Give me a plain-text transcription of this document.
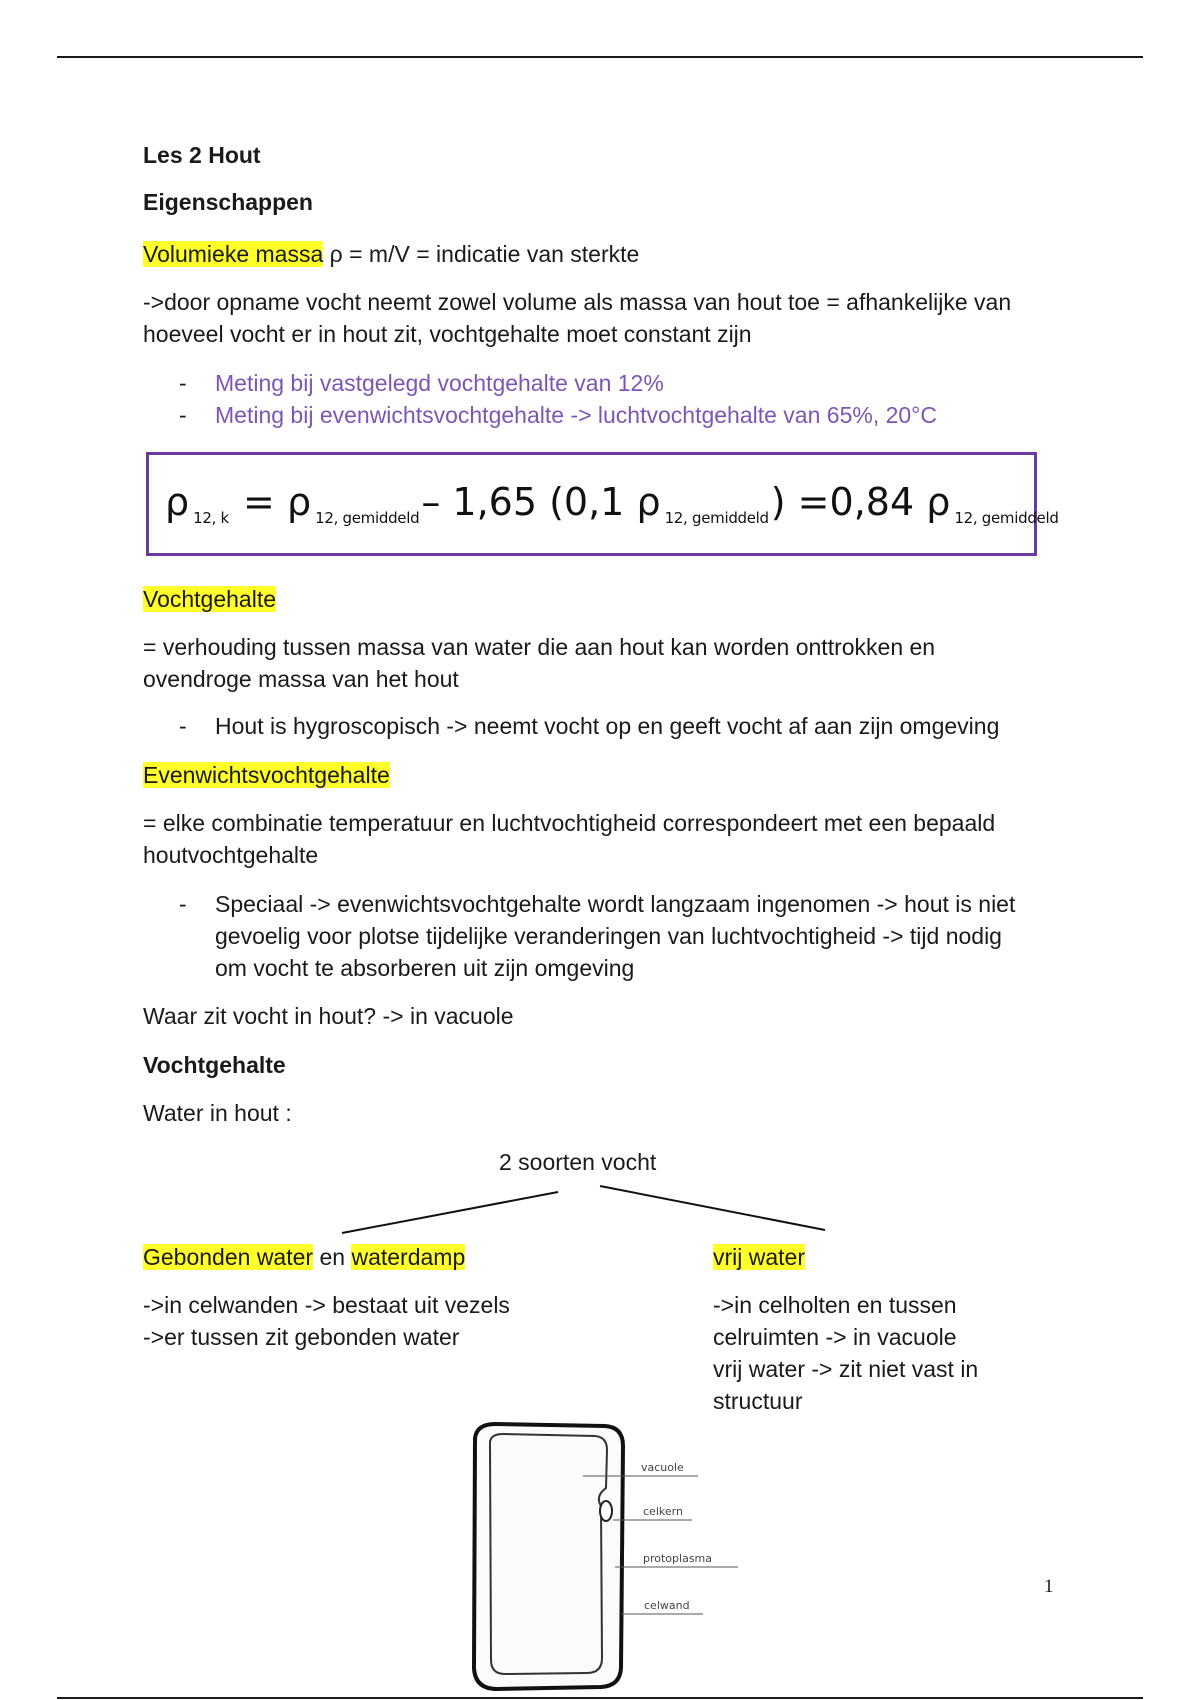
Les 2 Hout
Eigenschappen
Volumieke massa ρ = m/V = indicatie van sterkte
->door opname vocht neemt zowel volume als massa van hout toe = afhankelijke van
hoeveel vocht er in hout zit, vochtgehalte moet constant zijn
- Meting bij vastgelegd vochtgehalte van 12%
- Meting bij evenwichtsvochtgehalte -> luchtvochtgehalte van 65%, 20°C
ρ $_{12, k}$ = ρ $_{12, gemiddeld}$– 1,65 (0,1 ρ $_{12, gemiddeld}$) =0,84 ρ $_{12, gemiddeld}$
Vochtgehalte
= verhouding tussen massa van water die aan hout kan worden onttrokken en
ovendroge massa van het hout
- Hout is hygroscopisch -> neemt vocht op en geeft vocht af aan zijn omgeving
Evenwichtsvochtgehalte
= elke combinatie temperatuur en luchtvochtigheid correspondeert met een bepaald
houtvochtgehalte
- Speciaal -> evenwichtsvochtgehalte wordt langzaam ingenomen -> hout is niet
gevoelig voor plotse tijdelijke veranderingen van luchtvochtigheid -> tijd nodig
om vocht te absorberen uit zijn omgeving
Waar zit vocht in hout? -> in vacuole
Vochtgehalte
Water in hout :
2 soorten vocht
Gebonden water en waterdamp
->in celwanden -> bestaat uit vezels
->er tussen zit gebonden water
vrij water
->in celholten en tussen
celruimten -> in vacuole
vrij water -> zit niet vast in
structuur
vacuole
celkern
protoplasma
celwand
1
